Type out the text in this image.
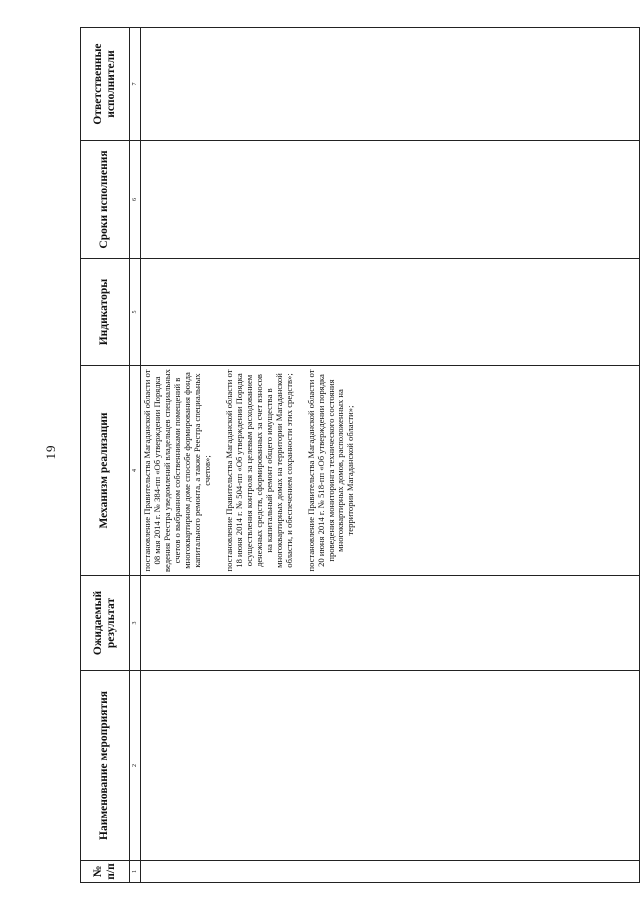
19
№ п/п	Наименование мероприятия	Ожидаемый результат	Механизм реализации	Индикаторы	Сроки исполнения	Ответственные исполнители
1	2	3	4	5	6	7

			постановление Правительства Магаданской области от 08 мая 2014 г. № 384-пп «Об утверждении Порядка ведения Реестра уведомлений владельцев специальных счетов о выбранном собственниками помещений в многоквартирном доме способе формирования фонда капитального ремонта, а также Реестра специальных счетов»; постановление Правительства Магаданской области от 18 июня 2014 г. № 504-пп «Об утверждении Порядка осуществления контроля за целевым расходованием денежных средств, сформированных за счет взносов на капитальный ремонт общего имущества в многоквартирных домах на территории Магаданской области, и обеспечением сохранности этих средств»; постановление Правительства Магаданской области от 20 июня 2014 г. № 518-пп «Об утверждении порядка проведения мониторинга технического состояния многоквартирных домов, расположенных на территории Магаданской области»;			
